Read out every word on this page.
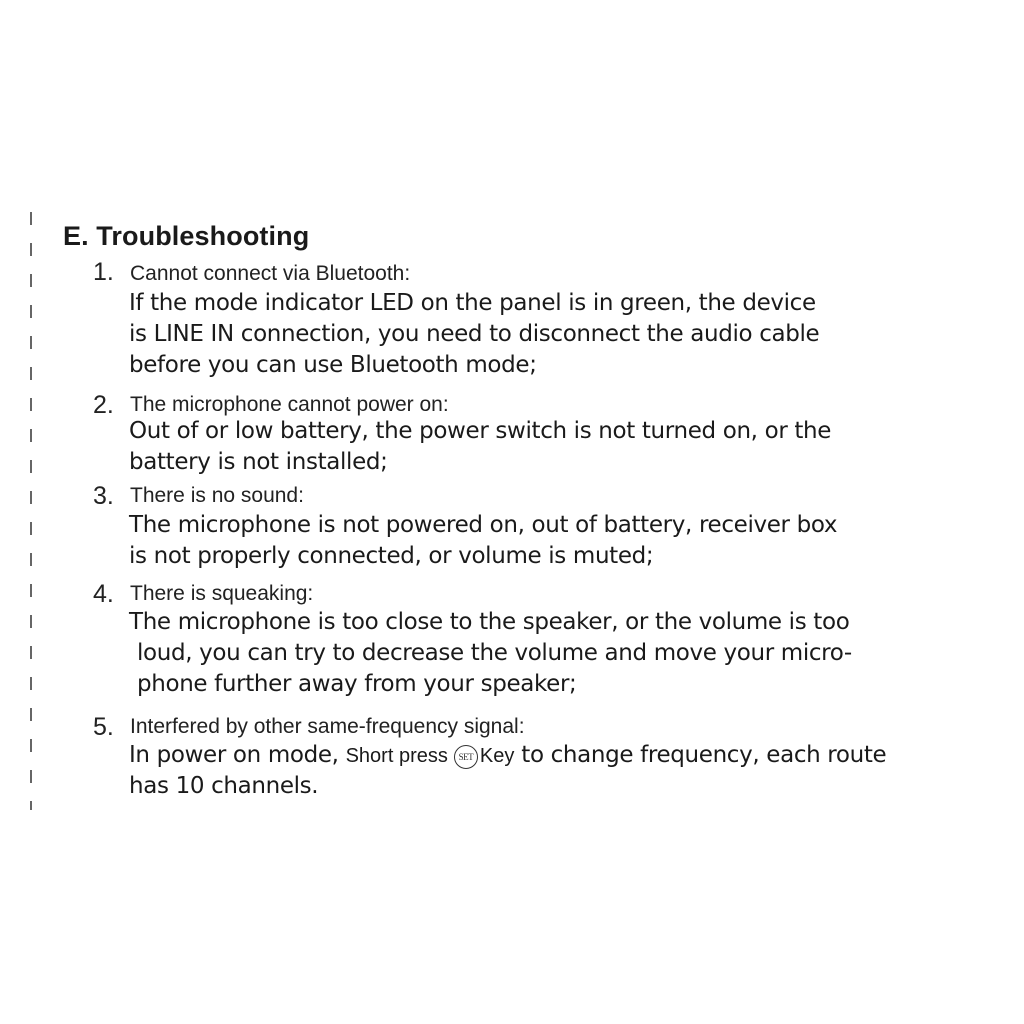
E. Troubleshooting
1. Cannot connect via Bluetooth:
If the mode indicator LED on the panel is in green, the device
is LINE IN connection, you need to disconnect the audio cable
before you can use Bluetooth mode;
2. The microphone cannot power on:
Out of or low battery, the power switch is not turned on, or the
battery is not installed;
3. There is no sound:
The microphone is not powered on, out of battery, receiver box
is not properly connected, or volume is muted;
4. There is squeaking:
The microphone is too close to the speaker, or the volume is too
loud, you can try to decrease the volume and move your micro-
phone further away from your speaker;
5. Interfered by other same-frequency signal:
In power on mode, Short press SET Key to change frequency, each route
has 10 channels.
